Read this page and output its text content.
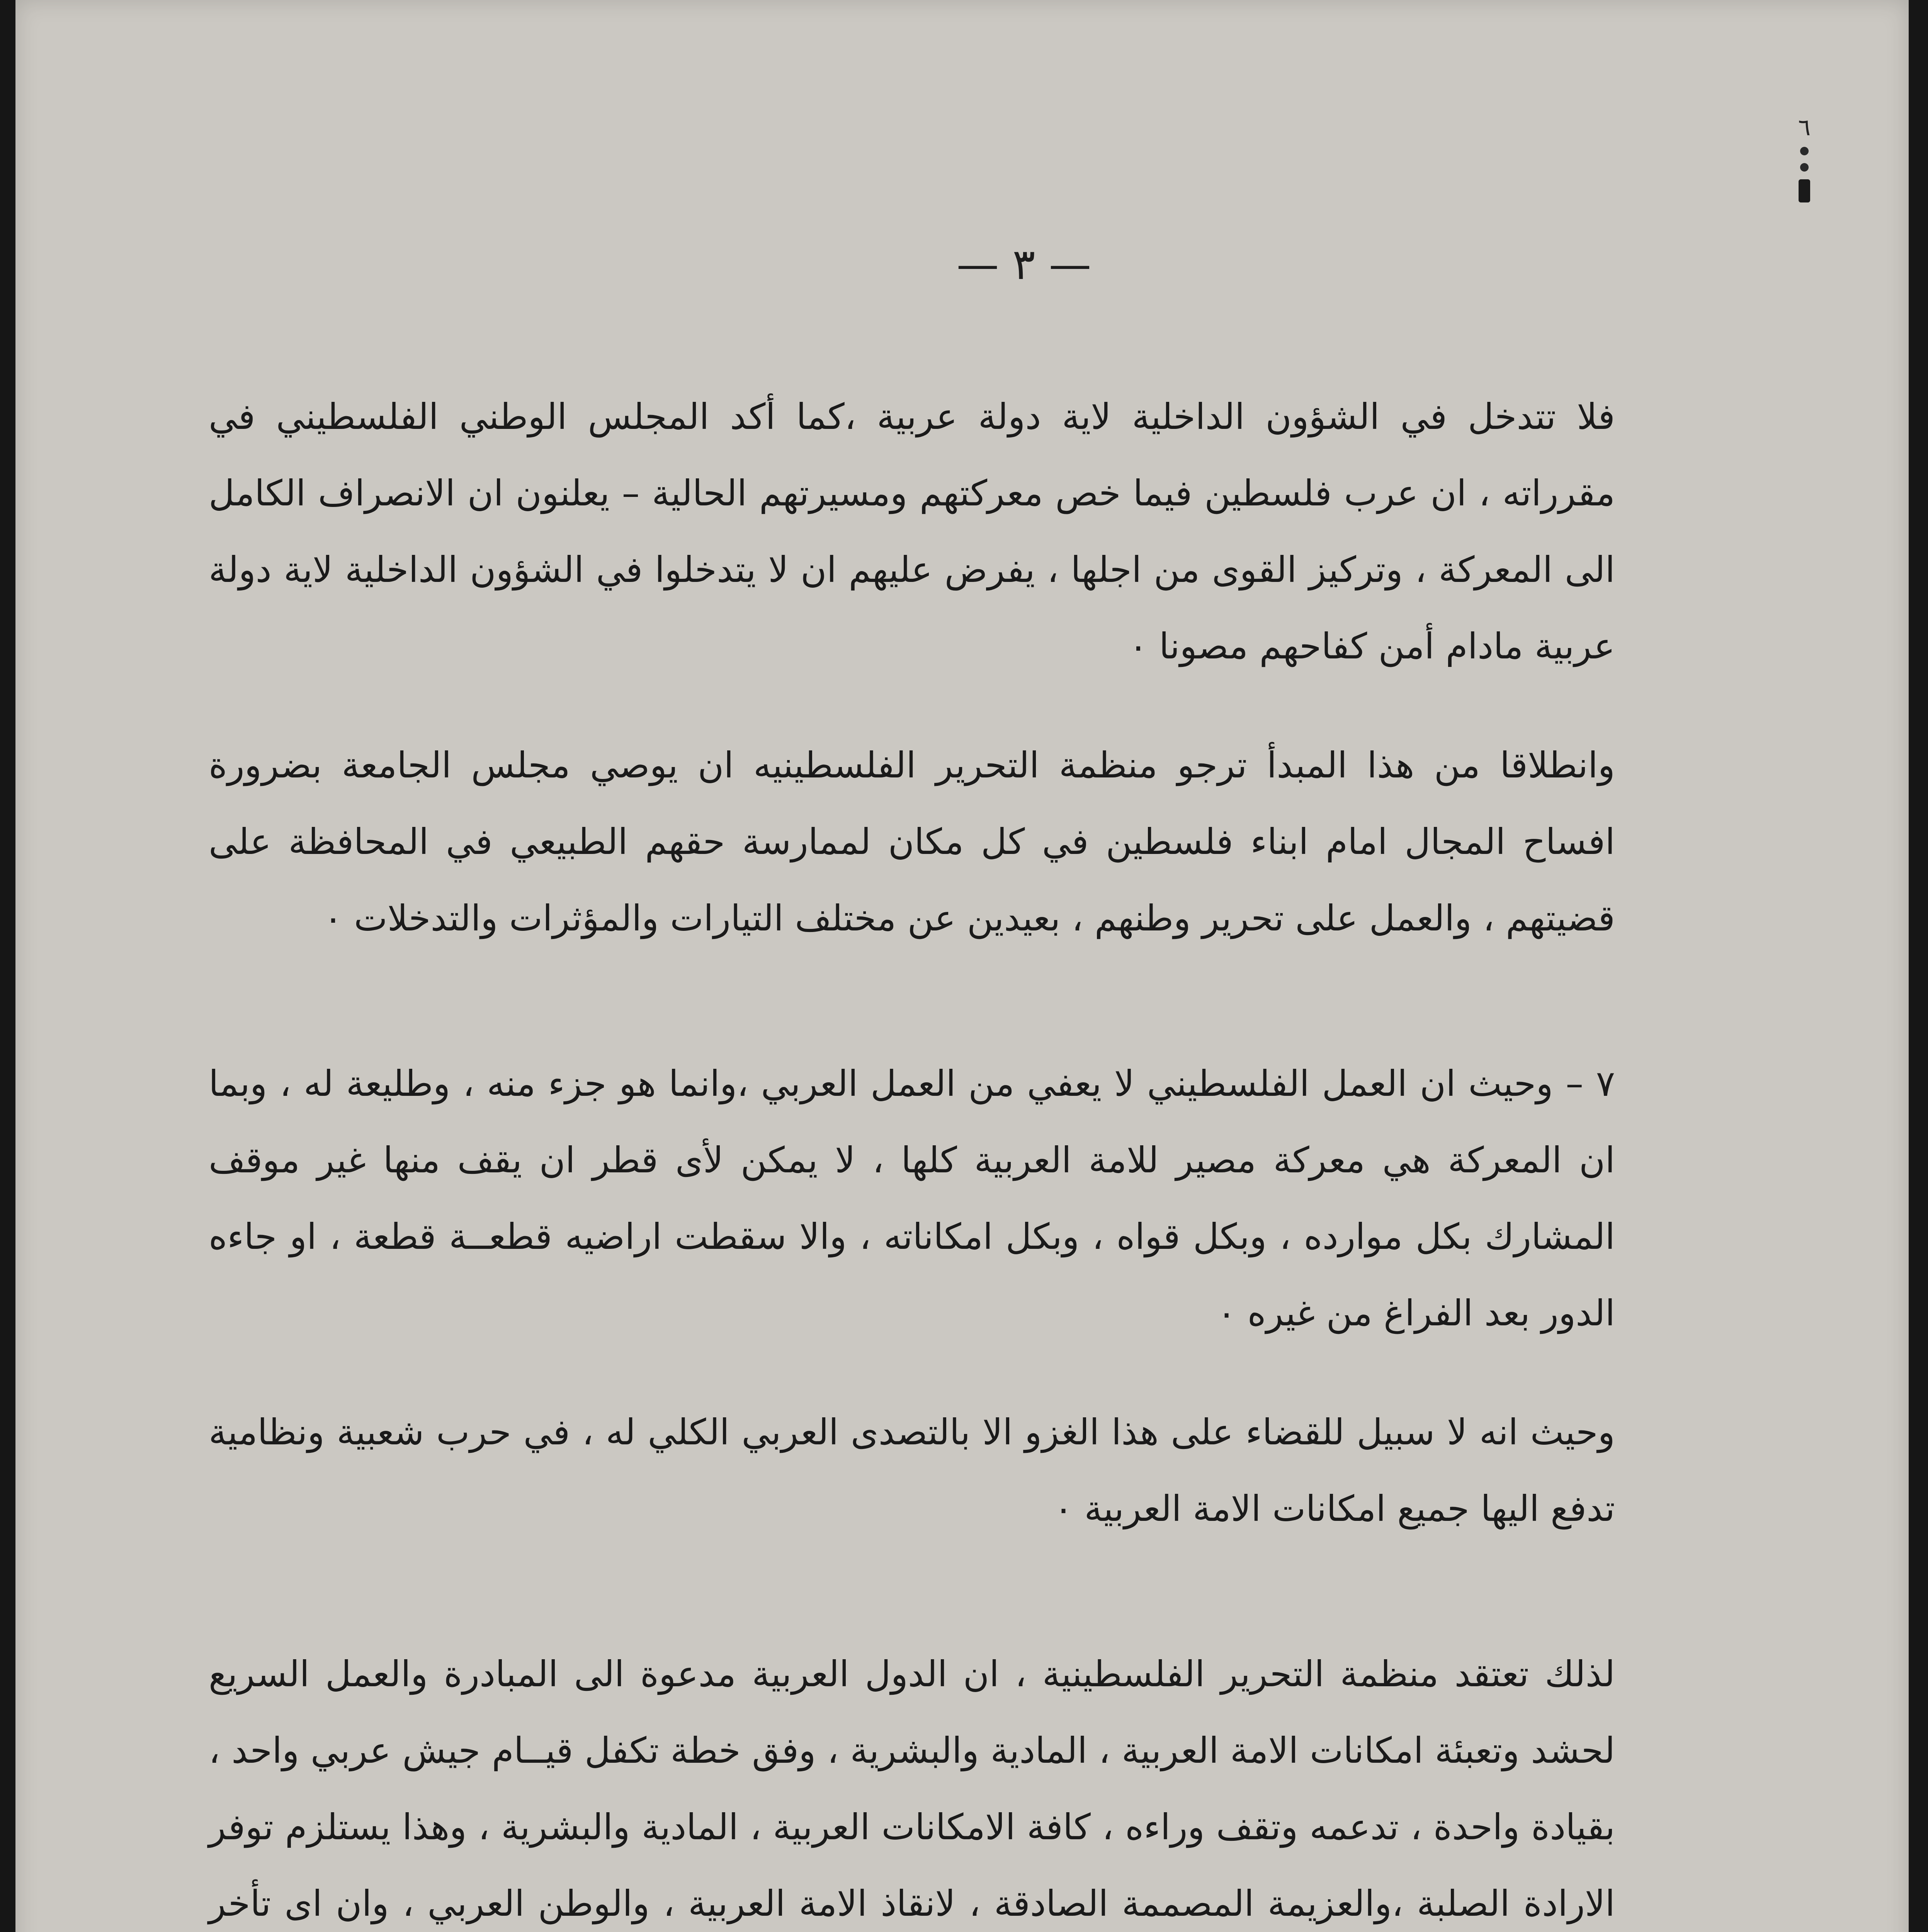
٦
— ٣ —

فلا تتدخل في الشؤون الداخلية لاية دولة عربية ،كما أكد المجلس الوطني الفلسطيني في مقرراته ، ان عرب فلسطين فيما خص معركتهم ومسيرتهم الحالية – يعلنون ان الانصراف الكامل الى المعركة ، وتركيز القوى من اجلها ، يفرض عليهم ان لا يتدخلوا في الشؤون الداخلية لاية دولة عربية مادام أمن كفاحهم مصونا ٠

وانطلاقا من هذا المبدأ ترجو منظمة التحرير الفلسطينيه ان يوصي مجلس الجامعة بضرورة افساح المجال امام ابناء فلسطين في كل مكان لممارسة حقهم الطبيعي في المحافظة على قضيتهم ، والعمل على تحرير وطنهم ، بعيدين عن مختلف التيارات والمؤثرات والتدخلات ٠

٧ – وحيث ان العمل الفلسطيني لا يعفي من العمل العربي ،وانما هو جزء منه ، وطليعة له ، وبما ان المعركة هي معركة مصير للامة العربية كلها ، لا يمكن لأى قطر ان يقف منها غير موقف المشارك بكل موارده ، وبكل قواه ، وبكل امكاناته ، والا سقطت اراضيه قطعــة قطعة ، او جاءه الدور بعد الفراغ من غيره ٠

وحيث انه لا سبيل للقضاء على هذا الغزو الا بالتصدى العربي الكلي له ، في حرب شعبية ونظامية تدفع اليها جميع امكانات الامة العربية ٠

لذلك تعتقد منظمة التحرير الفلسطينية ، ان الدول العربية مدعوة الى المبادرة والعمل السريع لحشد وتعبئة امكانات الامة العربية ، المادية والبشرية ، وفق خطة تكفل قيــام جيش عربي واحد ، بقيادة واحدة ، تدعمه وتقف وراءه ، كافة الامكانات العربية ، المادية والبشرية ، وهذا يستلزم توفر الارادة الصلبة ،والعزيمة المصممة الصادقة ، لانقاذ الامة العربية ، والوطن العربي ، وان اى تأخر
